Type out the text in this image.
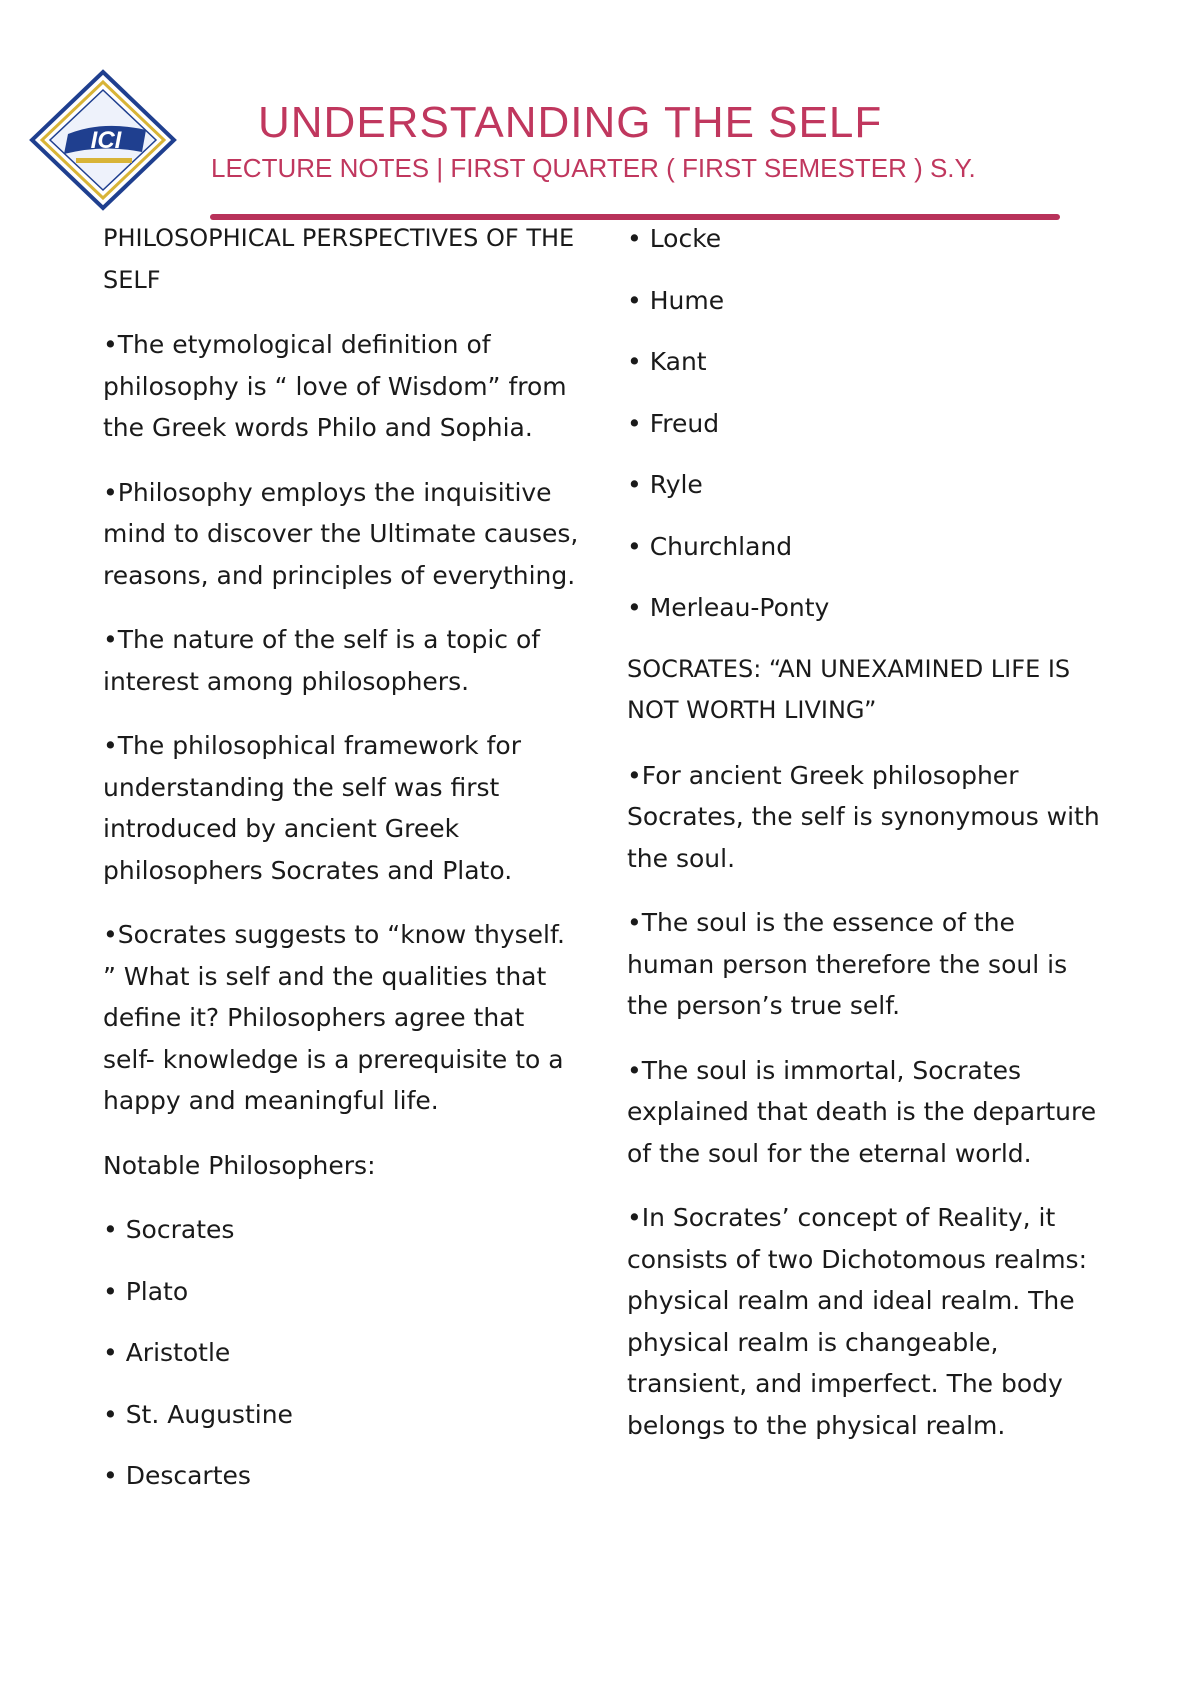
ICI	UNDERSTANDING THE SELF
LECTURE NOTES | FIRST QUARTER ( FIRST SEMESTER ) S.Y.

PHILOSOPHICAL PERSPECTIVES OF THE SELF

•The etymological definition of philosophy is “ love of Wisdom” from the Greek words Philo and Sophia.

•Philosophy employs the inquisitive mind to discover the Ultimate causes, reasons, and principles of everything.

•The nature of the self is a topic of interest among philosophers.

•The philosophical framework for understanding the self was first introduced by ancient Greek philosophers Socrates and Plato.

•Socrates suggests to “know thyself. ” What is self and the qualities that define it? Philosophers agree that self- knowledge is a prerequisite to a happy and meaningful life.

Notable Philosophers:

• Socrates

• Plato

• Aristotle

• St. Augustine

• Descartes

• Locke

• Hume

• Kant

• Freud

• Ryle

• Churchland

• Merleau-Ponty

SOCRATES: “AN UNEXAMINED LIFE IS NOT WORTH LIVING”

•For ancient Greek philosopher Socrates, the self is synonymous with the soul.

•The soul is the essence of the human person therefore the soul is the person’s true self.

•The soul is immortal, Socrates explained that death is the departure of the soul for the eternal world.

•In Socrates’ concept of Reality, it consists of two Dichotomous realms: physical realm and ideal realm. The physical realm is changeable, transient, and imperfect. The body belongs to the physical realm.
